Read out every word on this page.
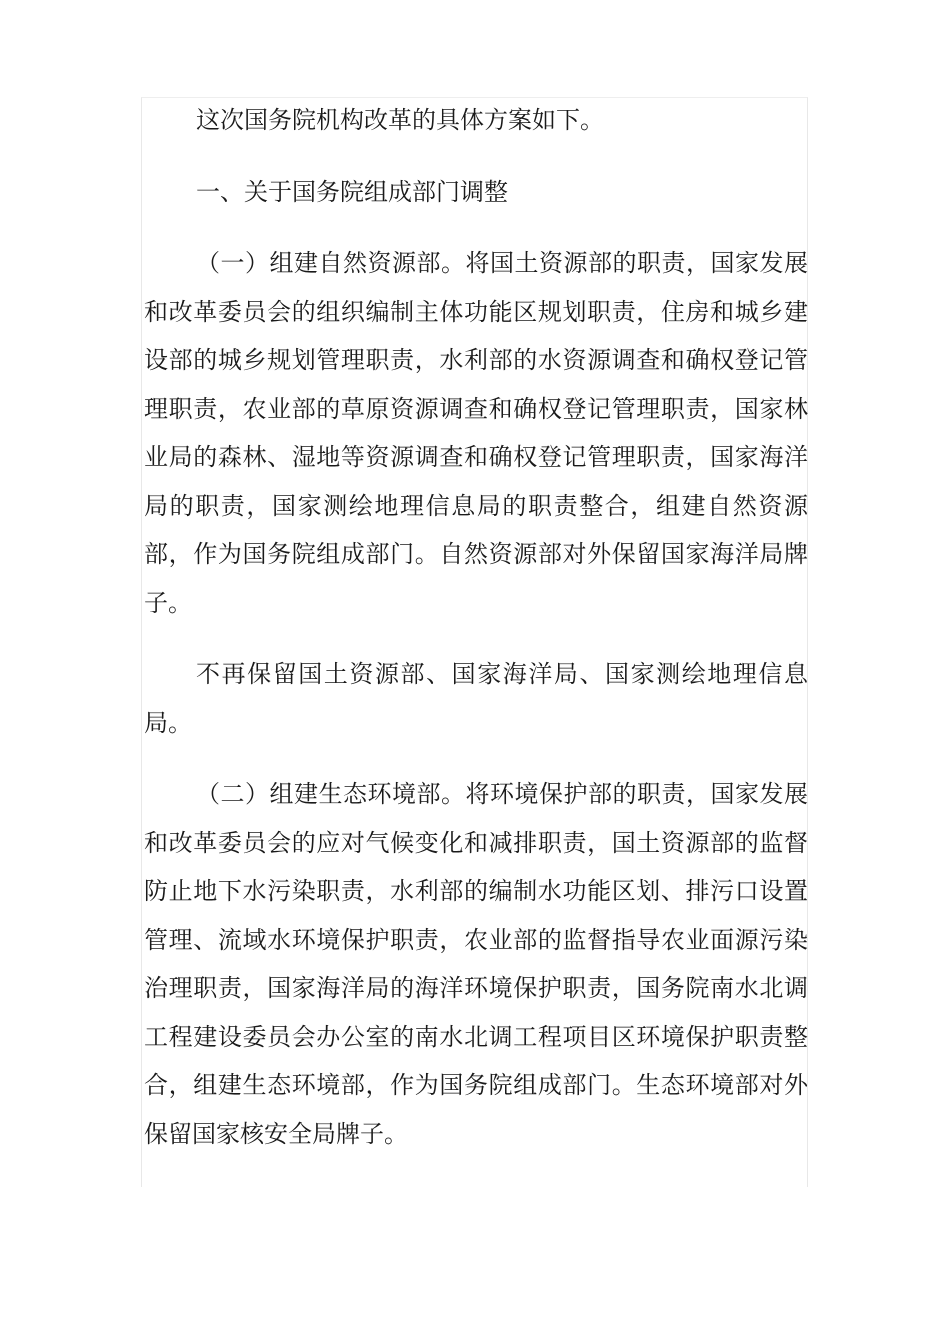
这次国务院机构改革的具体方案如下。

一、关于国务院组成部门调整

（一）组建自然资源部。将国土资源部的职责，国家发展和改革委员会的组织编制主体功能区规划职责，住房和城乡建设部的城乡规划管理职责，水利部的水资源调查和确权登记管理职责，农业部的草原资源调查和确权登记管理职责，国家林业局的森林、湿地等资源调查和确权登记管理职责，国家海洋局的职责，国家测绘地理信息局的职责整合，组建自然资源部，作为国务院组成部门。自然资源部对外保留国家海洋局牌子。

不再保留国土资源部、国家海洋局、国家测绘地理信息局。

（二）组建生态环境部。将环境保护部的职责，国家发展和改革委员会的应对气候变化和减排职责，国土资源部的监督防止地下水污染职责，水利部的编制水功能区划、排污口设置管理、流域水环境保护职责，农业部的监督指导农业面源污染治理职责，国家海洋局的海洋环境保护职责，国务院南水北调工程建设委员会办公室的南水北调工程项目区环境保护职责整合，组建生态环境部，作为国务院组成部门。生态环境部对外保留国家核安全局牌子。
